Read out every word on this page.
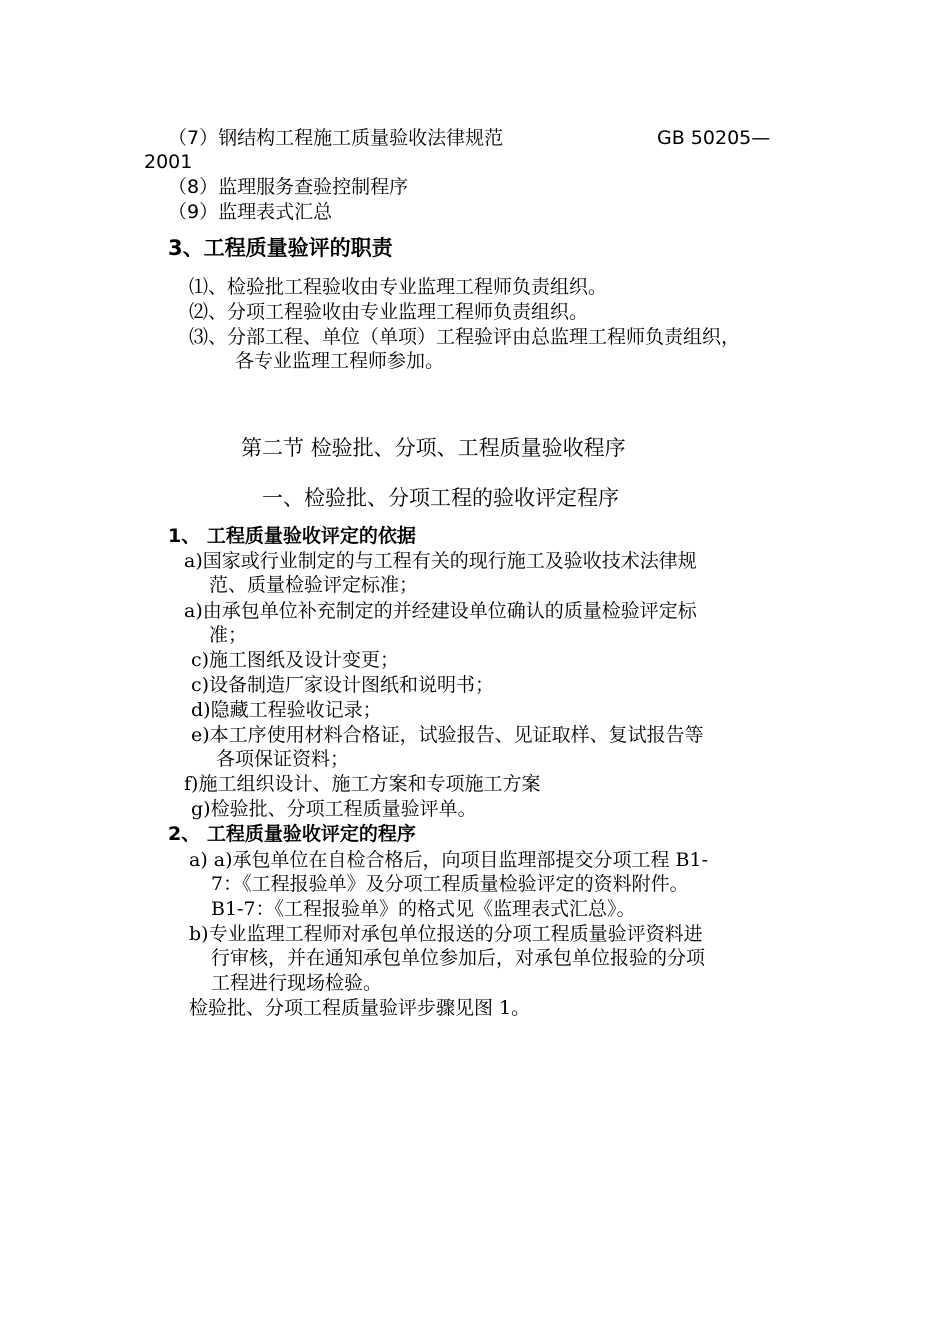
（7）钢结构工程施工质量验收法律规范	GB 50205—
2001
（8）监理服务查验控制程序
（9）监理表式汇总
3、工程质量验评的职责
⑴、检验批工程验收由专业监理工程师负责组织。
⑵、分项工程验收由专业监理工程师负责组织。
⑶、分部工程、单位（单项）工程验评由总监理工程师负责组织，
各专业监理工程师参加。
第二节 检验批、分项、工程质量验收程序
一、检验批、分项工程的验收评定程序
1、 工程质量验收评定的依据
a)国家或行业制定的与工程有关的现行施工及验收技术法律规
范、质量检验评定标准；
a)由承包单位补充制定的并经建设单位确认的质量检验评定标
准；
c)施工图纸及设计变更；
c)设备制造厂家设计图纸和说明书；
d)隐藏工程验收记录；
e)本工序使用材料合格证，试验报告、见证取样、复试报告等
各项保证资料；
f)施工组织设计、施工方案和专项施工方案
g)检验批、分项工程质量验评单。
2、 工程质量验收评定的程序
a) a)承包单位在自检合格后，向项目监理部提交分项工程 B1-
7：《工程报验单》及分项工程质量检验评定的资料附件。
B1-7：《工程报验单》的格式见《监理表式汇总》。
b)专业监理工程师对承包单位报送的分项工程质量验评资料进
行审核，并在通知承包单位参加后，对承包单位报验的分项
工程进行现场检验。
检验批、分项工程质量验评步骤见图 1。
